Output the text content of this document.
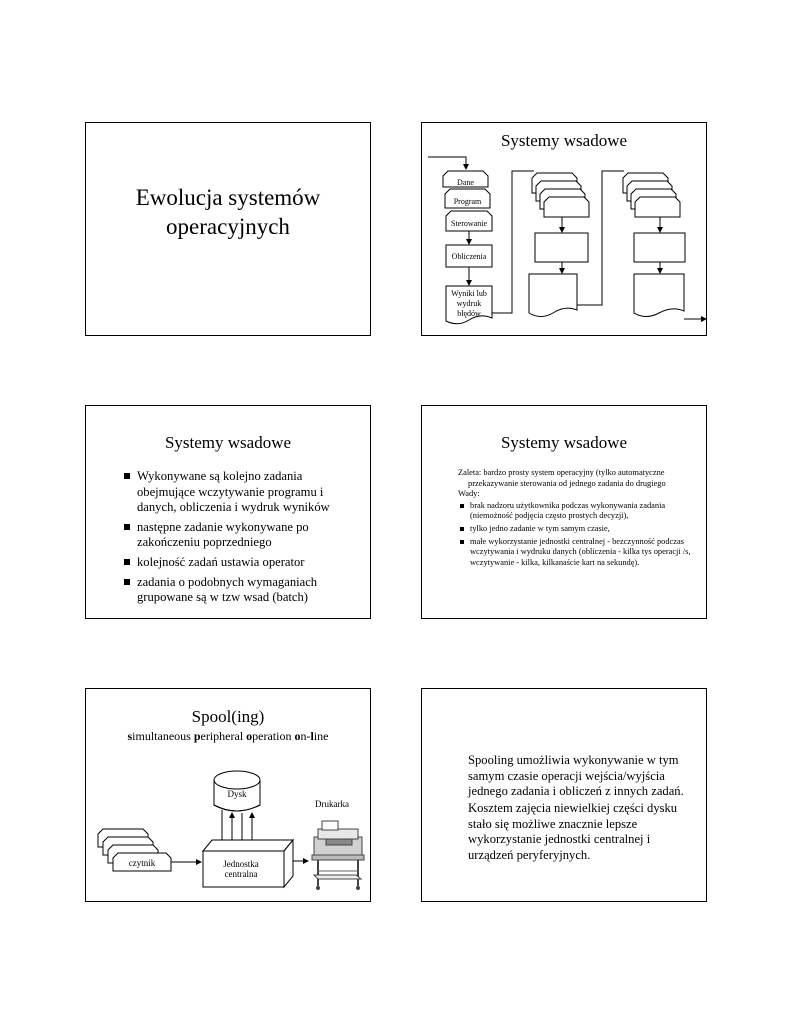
Ewolucja systemów
operacyjnych
Systemy wsadowe
Dane
Program
Sterowanie
Obliczenia
Wyniki lub
wydruk
błędów
Systemy wsadowe
Wykonywane są kolejno zadania obejmujące wczytywanie programu i danych, obliczenia i wydruk wyników
następne zadanie wykonywane po zakończeniu poprzedniego
kolejność zadań ustawia operator
zadania o podobnych wymaganiach grupowane są w tzw wsad (batch)
Systemy wsadowe
Zaleta: bardzo prosty system operacyjny (tylko automatyczne
przekazywanie sterowania od jednego zadania do drugiego
Wady:
brak nadzoru użytkownika podczas wykonywania zadania (niemożność podjęcia często prostych decyzji),
tylko jedno zadanie w tym samym czasie,
małe wykorzystanie jednostki centralnej - bezczynność podczas wczytywania i wydruku danych (obliczenia - kilka tys operacji /s, wczytywanie - kilka, kilkanaście kart na sekundę).
Spool(ing)
simultaneous peripheral operation on-line
Dysk
Drukarka
czytnik	Jednostka
centralna
Spooling umożliwia wykonywanie w tym samym czasie operacji wejścia/wyjścia jednego zadania i obliczeń z innych zadań.
Kosztem zajęcia niewielkiej części dysku stało się możliwe znacznie lepsze wykorzystanie jednostki centralnej i urządzeń peryferyjnych.
